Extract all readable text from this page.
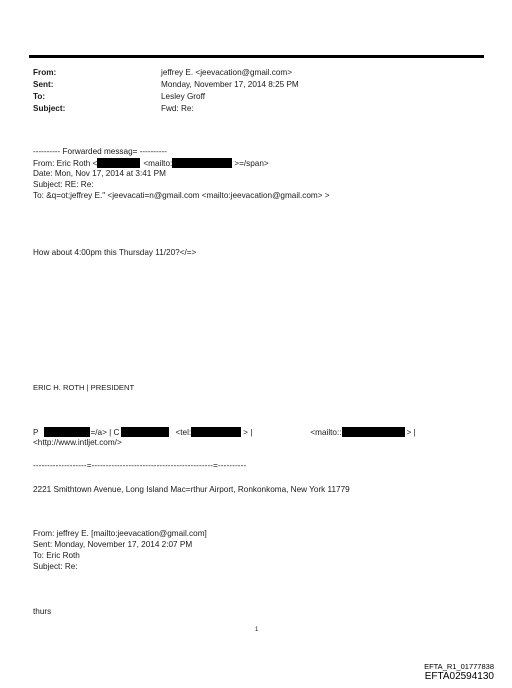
From:	jeffrey E. <jeevacation@gmail.com>
Sent:	Monday, November 17, 2014 8:25 PM
To:	Lesley Groff
Subject:	Fwd: Re:
---------- Forwarded messag= ----------
From: Eric Roth <	<mailto:	>=/span>
Date: Mon, Nov 17, 2014 at 3:41 PM
Subject: RE: Re:
To: &q=ot;jeffrey E." <jeevacati=n@gmail.com <mailto:jeevacation@gmail.com> >
How about 4:00pm this Thursday 11/20?</=>
ERIC H. ROTH | PRESIDENT
P	=/a> | C	<tel:	> |	<mailto::	> |
<http://www.intljet.com/>
-------------------=-------------------------------------------=----------
2221 Smithtown Avenue, Long Island Mac=rthur Airport, Ronkonkoma, New York 11779
From: jeffrey E. [mailto:jeevacation@gmail.com]
Sent: Monday, November 17, 2014 2:07 PM
To: Eric Roth
Subject: Re:
thurs
1
EFTA_R1_01777838
EFTA02594130
